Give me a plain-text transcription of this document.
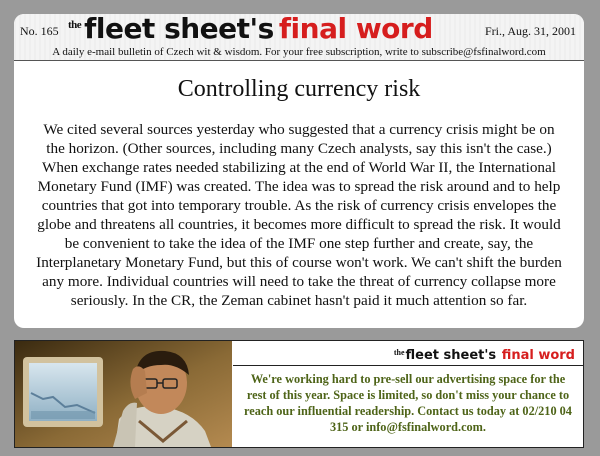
No. 165 $^{the}$ fleet sheet's final word	Fri., Aug. 31, 2001
A daily e-mail bulletin of Czech wit & wisdom. For your free subscription, write to subscribe@fsfinalword.com
Controlling currency risk

We cited several sources yesterday who suggested that a currency crisis might be on the horizon. (Other sources, including many Czech analysts, say this isn't the case.) When exchange rates needed stabilizing at the end of World War II, the International Monetary Fund (IMF) was created. The idea was to spread the risk around and to help countries that got into temporary trouble. As the risk of currency crisis envelopes the globe and threatens all countries, it becomes more difficult to spread the risk. It would be convenient to take the idea of the IMF one step further and create, say, the Interplanetary Monetary Fund, but this of course won't work. We can't shift the burden any more. Individual countries will need to take the threat of currency collapse more seriously. In the CR, the Zeman cabinet hasn't paid it much attention so far.

$^{the}$fleet sheet's final word

We're working hard to pre-sell our advertising space for the rest of this year. Space is limited, so don't miss your chance to reach our influential readership. Contact us today at 02/210 04 315 or info@fsfinalword.com.
